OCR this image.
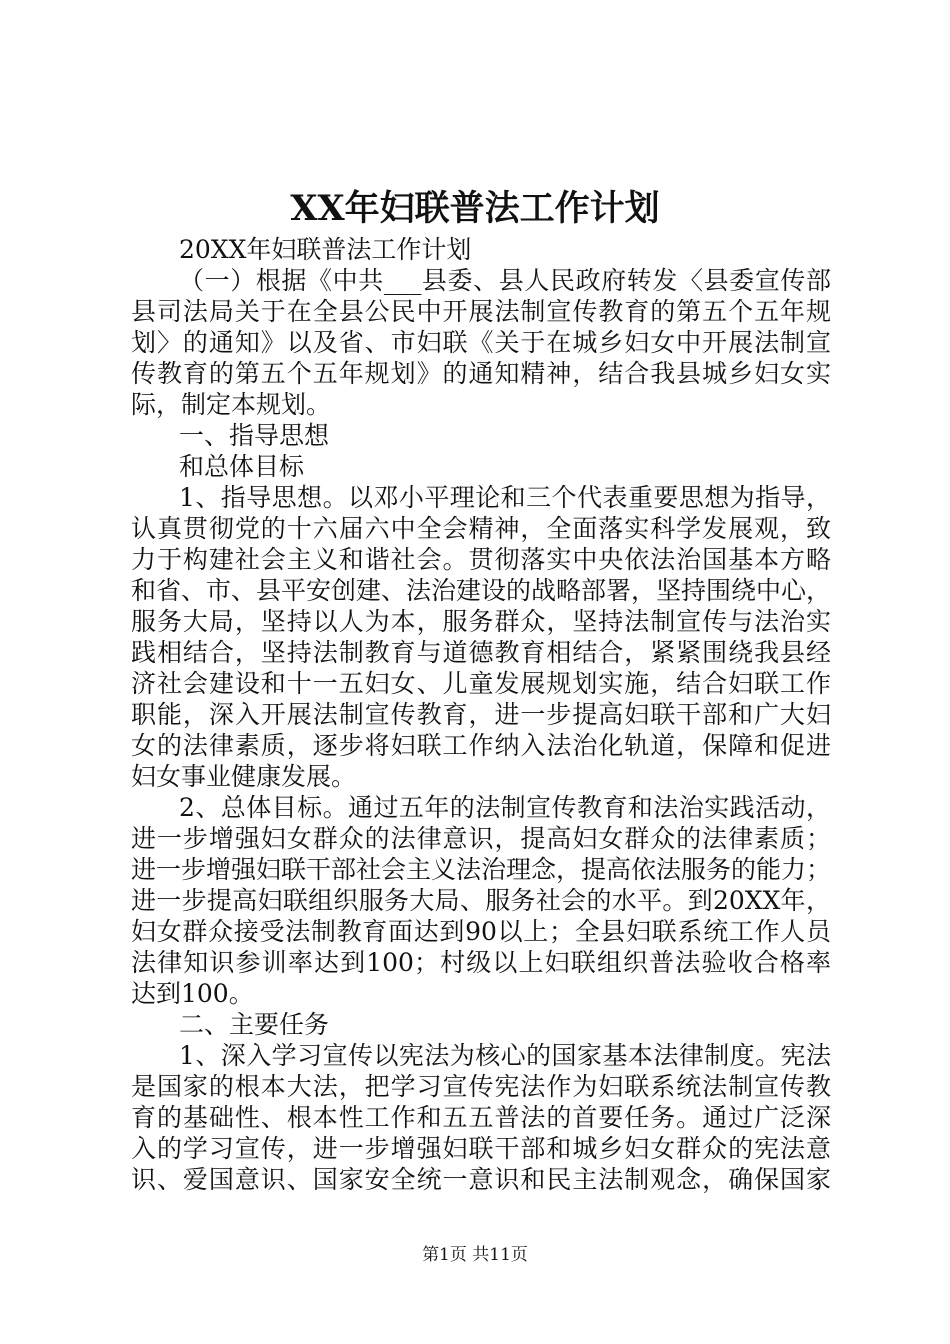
XX年妇联普法工作计划
20XX年妇联普法工作计划
（一）根据《中共___县委、县人民政府转发〈县委宣传部
县司法局关于在全县公民中开展法制宣传教育的第五个五年规
划〉的通知》以及省、市妇联《关于在城乡妇女中开展法制宣
传教育的第五个五年规划》的通知精神，结合我县城乡妇女实
际，制定本规划。
一、指导思想
和总体目标
1、指导思想。以邓小平理论和三个代表重要思想为指导，
认真贯彻党的十六届六中全会精神，全面落实科学发展观，致
力于构建社会主义和谐社会。贯彻落实中央依法治国基本方略
和省、市、县平安创建、法治建设的战略部署，坚持围绕中心，
服务大局，坚持以人为本，服务群众，坚持法制宣传与法治实
践相结合，坚持法制教育与道德教育相结合，紧紧围绕我县经
济社会建设和十一五妇女、儿童发展规划实施，结合妇联工作
职能，深入开展法制宣传教育，进一步提高妇联干部和广大妇
女的法律素质，逐步将妇联工作纳入法治化轨道，保障和促进
妇女事业健康发展。
2、总体目标。通过五年的法制宣传教育和法治实践活动，
进一步增强妇女群众的法律意识，提高妇女群众的法律素质；
进一步增强妇联干部社会主义法治理念，提高依法服务的能力；
进一步提高妇联组织服务大局、服务社会的水平。到20XX年，
妇女群众接受法制教育面达到90以上；全县妇联系统工作人员
法律知识参训率达到100；村级以上妇联组织普法验收合格率
达到100。
二、主要任务
1、深入学习宣传以宪法为核心的国家基本法律制度。宪法
是国家的根本大法，把学习宣传宪法作为妇联系统法制宣传教
育的基础性、根本性工作和五五普法的首要任务。通过广泛深
入的学习宣传，进一步增强妇联干部和城乡妇女群众的宪法意
识、爱国意识、国家安全统一意识和民主法制观念，确保国家
第1页 共11页
